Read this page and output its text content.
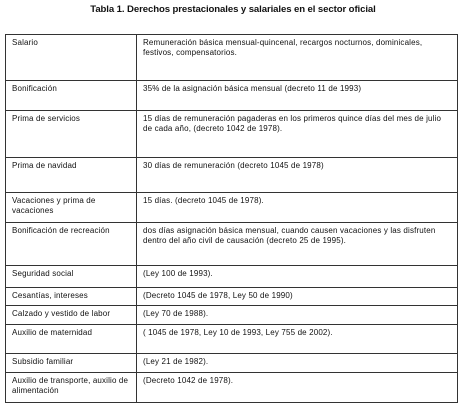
Tabla 1. Derechos prestacionales y salariales en el sector oficial
Salario	Remuneración básica mensual-quincenal, recargos nocturnos, dominicales, festivos, compensatorios.
Bonificación	35% de la asignación básica mensual (decreto 11 de 1993)
Prima de servicios	15 días de remuneración pagaderas en los primeros quince días del mes de julio de cada año, (decreto 1042 de 1978).
Prima de navidad	30 días de remuneración (decreto 1045 de 1978)
Vacaciones y prima de vacaciones	15 días. (decreto 1045 de 1978).
Bonificación de recreación	dos días asignación básica mensual, cuando causen vacaciones y las disfruten dentro del año civil de causación (decreto 25 de 1995).
Seguridad social	(Ley 100 de 1993).
Cesantías, intereses	(Decreto 1045 de 1978, Ley 50 de 1990)
Calzado y vestido de labor	(Ley 70 de 1988).
Auxilio de maternidad	( 1045 de 1978, Ley 10 de 1993, Ley 755 de 2002).
Subsidio familiar	(Ley 21 de 1982).
Auxilio de transporte, auxilio de alimentación	(Decreto 1042 de 1978).
